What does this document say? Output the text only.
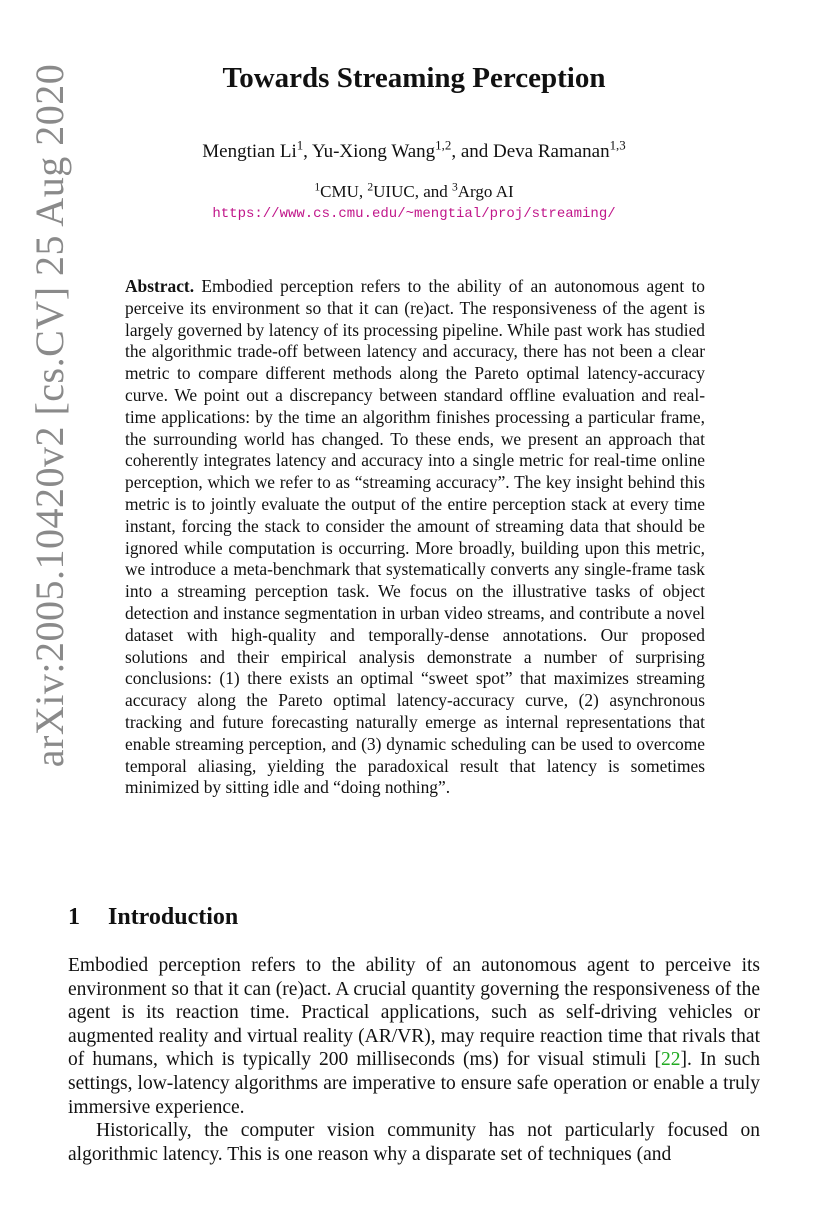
arXiv:2005.10420v2 [cs.CV] 25 Aug 2020	Towards Streaming Perception
Mengtian Li$^1$, Yu-Xiong Wang$^{1,2}$, and Deva Ramanan$^{1,3}$
$^1$CMU, $^2$UIUC, and $^3$Argo AI
https://www.cs.cmu.edu/~mengtial/proj/streaming/

Abstract. Embodied perception refers to the ability of an autonomous agent to perceive its environment so that it can (re)act. The responsiveness of the agent is largely governed by latency of its processing pipeline. While past work has studied the algorithmic trade-off between latency and accuracy, there has not been a clear metric to compare different methods along the Pareto optimal latency-accuracy curve. We point out a discrepancy between standard offline evaluation and real-time applications: by the time an algorithm finishes processing a particular frame, the surrounding world has changed. To these ends, we present an approach that coherently integrates latency and accuracy into a single metric for real-time online perception, which we refer to as “streaming accuracy”. The key insight behind this metric is to jointly evaluate the output of the entire perception stack at every time instant, forcing the stack to consider the amount of streaming data that should be ignored while computation is occurring. More broadly, building upon this metric, we introduce a meta-benchmark that systematically converts any single-frame task into a streaming perception task. We focus on the illustrative tasks of object detection and instance segmentation in urban video streams, and contribute a novel dataset with high-quality and temporally-dense annotations. Our proposed solutions and their empirical analysis demonstrate a number of surprising conclusions: (1) there exists an optimal “sweet spot” that maximizes streaming accuracy along the Pareto optimal latency-accuracy curve, (2) asynchronous tracking and future forecasting naturally emerge as internal representations that enable streaming perception, and (3) dynamic scheduling can be used to overcome temporal aliasing, yielding the paradoxical result that latency is sometimes minimized by sitting idle and “doing nothing”.

1 Introduction

Embodied perception refers to the ability of an autonomous agent to perceive its environment so that it can (re)act. A crucial quantity governing the responsiveness of the agent is its reaction time. Practical applications, such as self-driving vehicles or augmented reality and virtual reality (AR/VR), may require reaction time that rivals that of humans, which is typically 200 milliseconds (ms) for visual stimuli [22]. In such settings, low-latency algorithms are imperative to ensure safe operation or enable a truly immersive experience.

Historically, the computer vision community has not particularly focused on algorithmic latency. This is one reason why a disparate set of techniques (and
